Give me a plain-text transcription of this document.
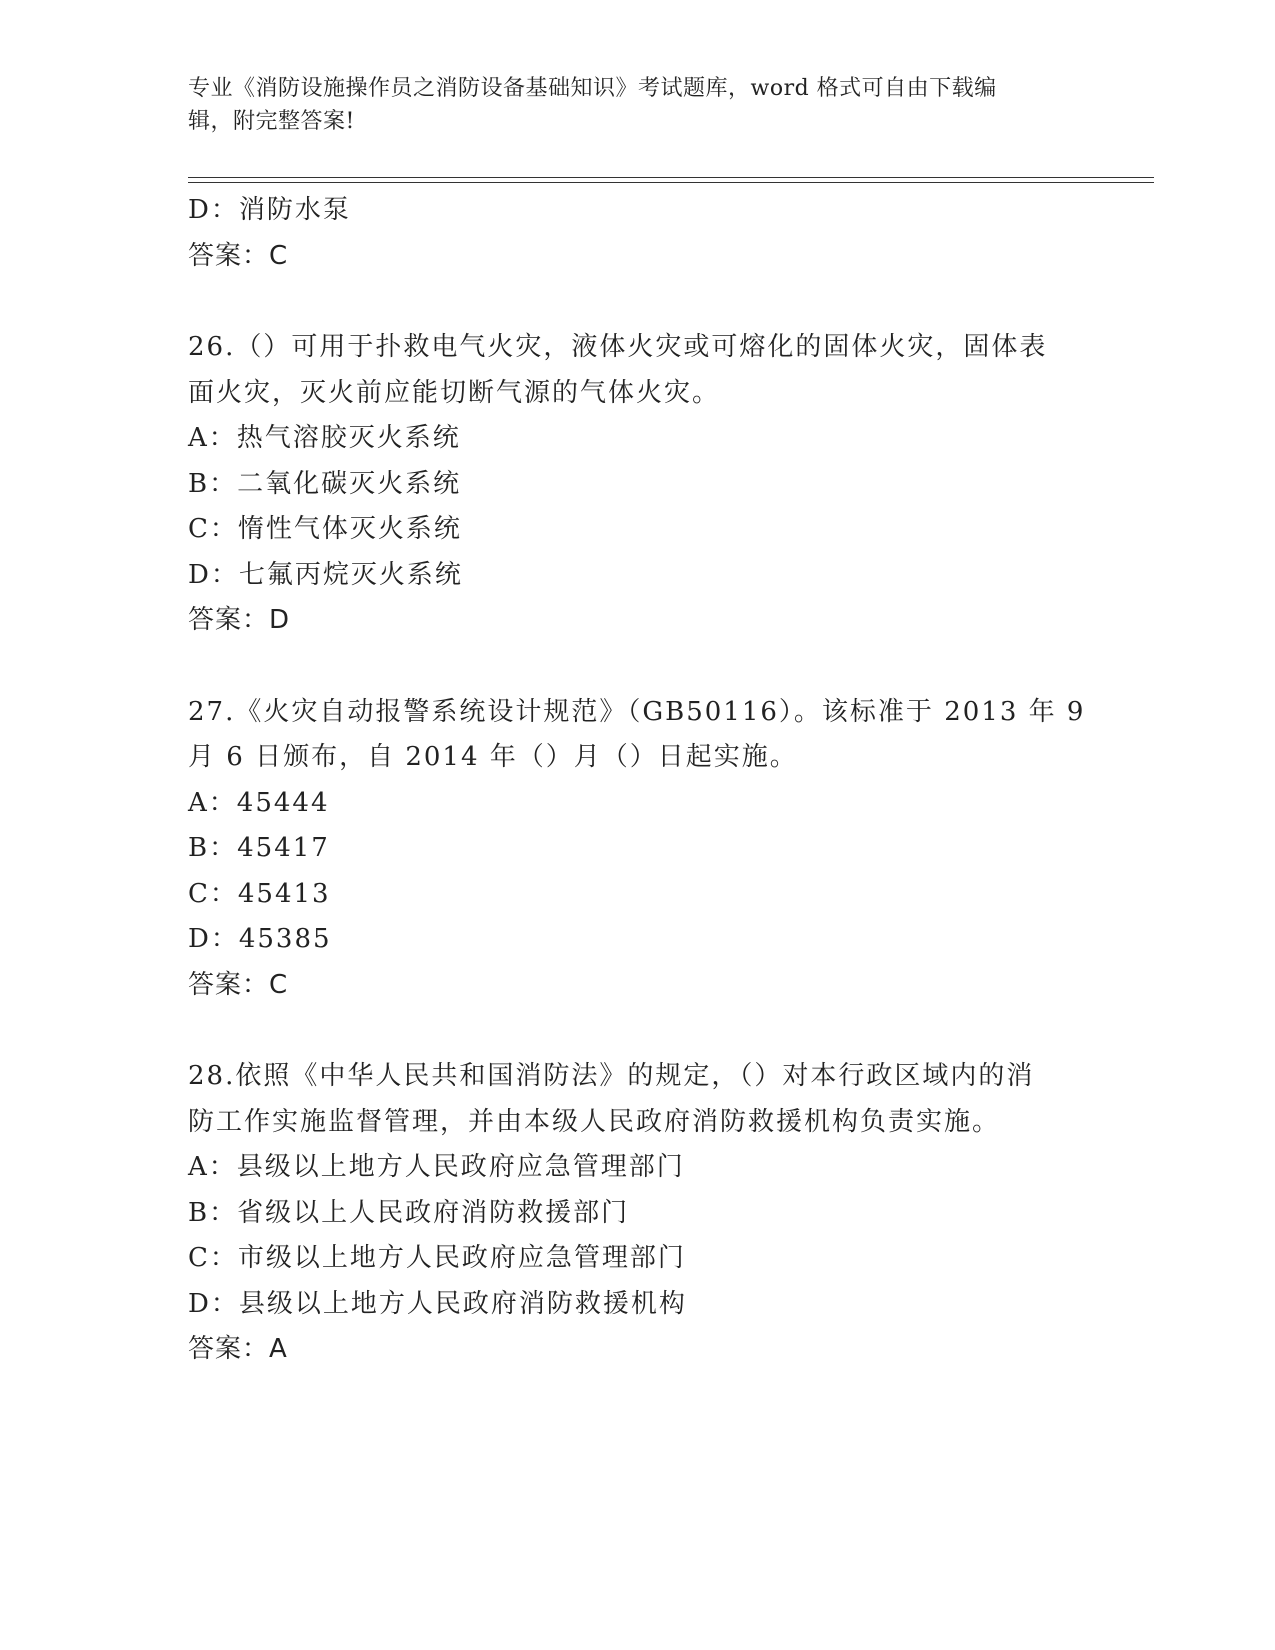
专业《消防设施操作员之消防设备基础知识》考试题库，word 格式可自由下载编
辑，附完整答案!
D：消防水泵
答案：C
26.（）可用于扑救电气火灾，液体火灾或可熔化的固体火灾，固体表
面火灾，灭火前应能切断气源的气体火灾。
A：热气溶胶灭火系统
B：二氧化碳灭火系统
C：惰性气体灭火系统
D：七氟丙烷灭火系统
答案：D
27.《火灾自动报警系统设计规范》（GB50116）。该标准于 2013 年 9
月 6 日颁布，自 2014 年（）月（）日起实施。
A：45444
B：45417
C：45413
D：45385
答案：C
28.依照《中华人民共和国消防法》的规定，（）对本行政区域内的消
防工作实施监督管理，并由本级人民政府消防救援机构负责实施。
A：县级以上地方人民政府应急管理部门
B：省级以上人民政府消防救援部门
C：市级以上地方人民政府应急管理部门
D：县级以上地方人民政府消防救援机构
答案：A
